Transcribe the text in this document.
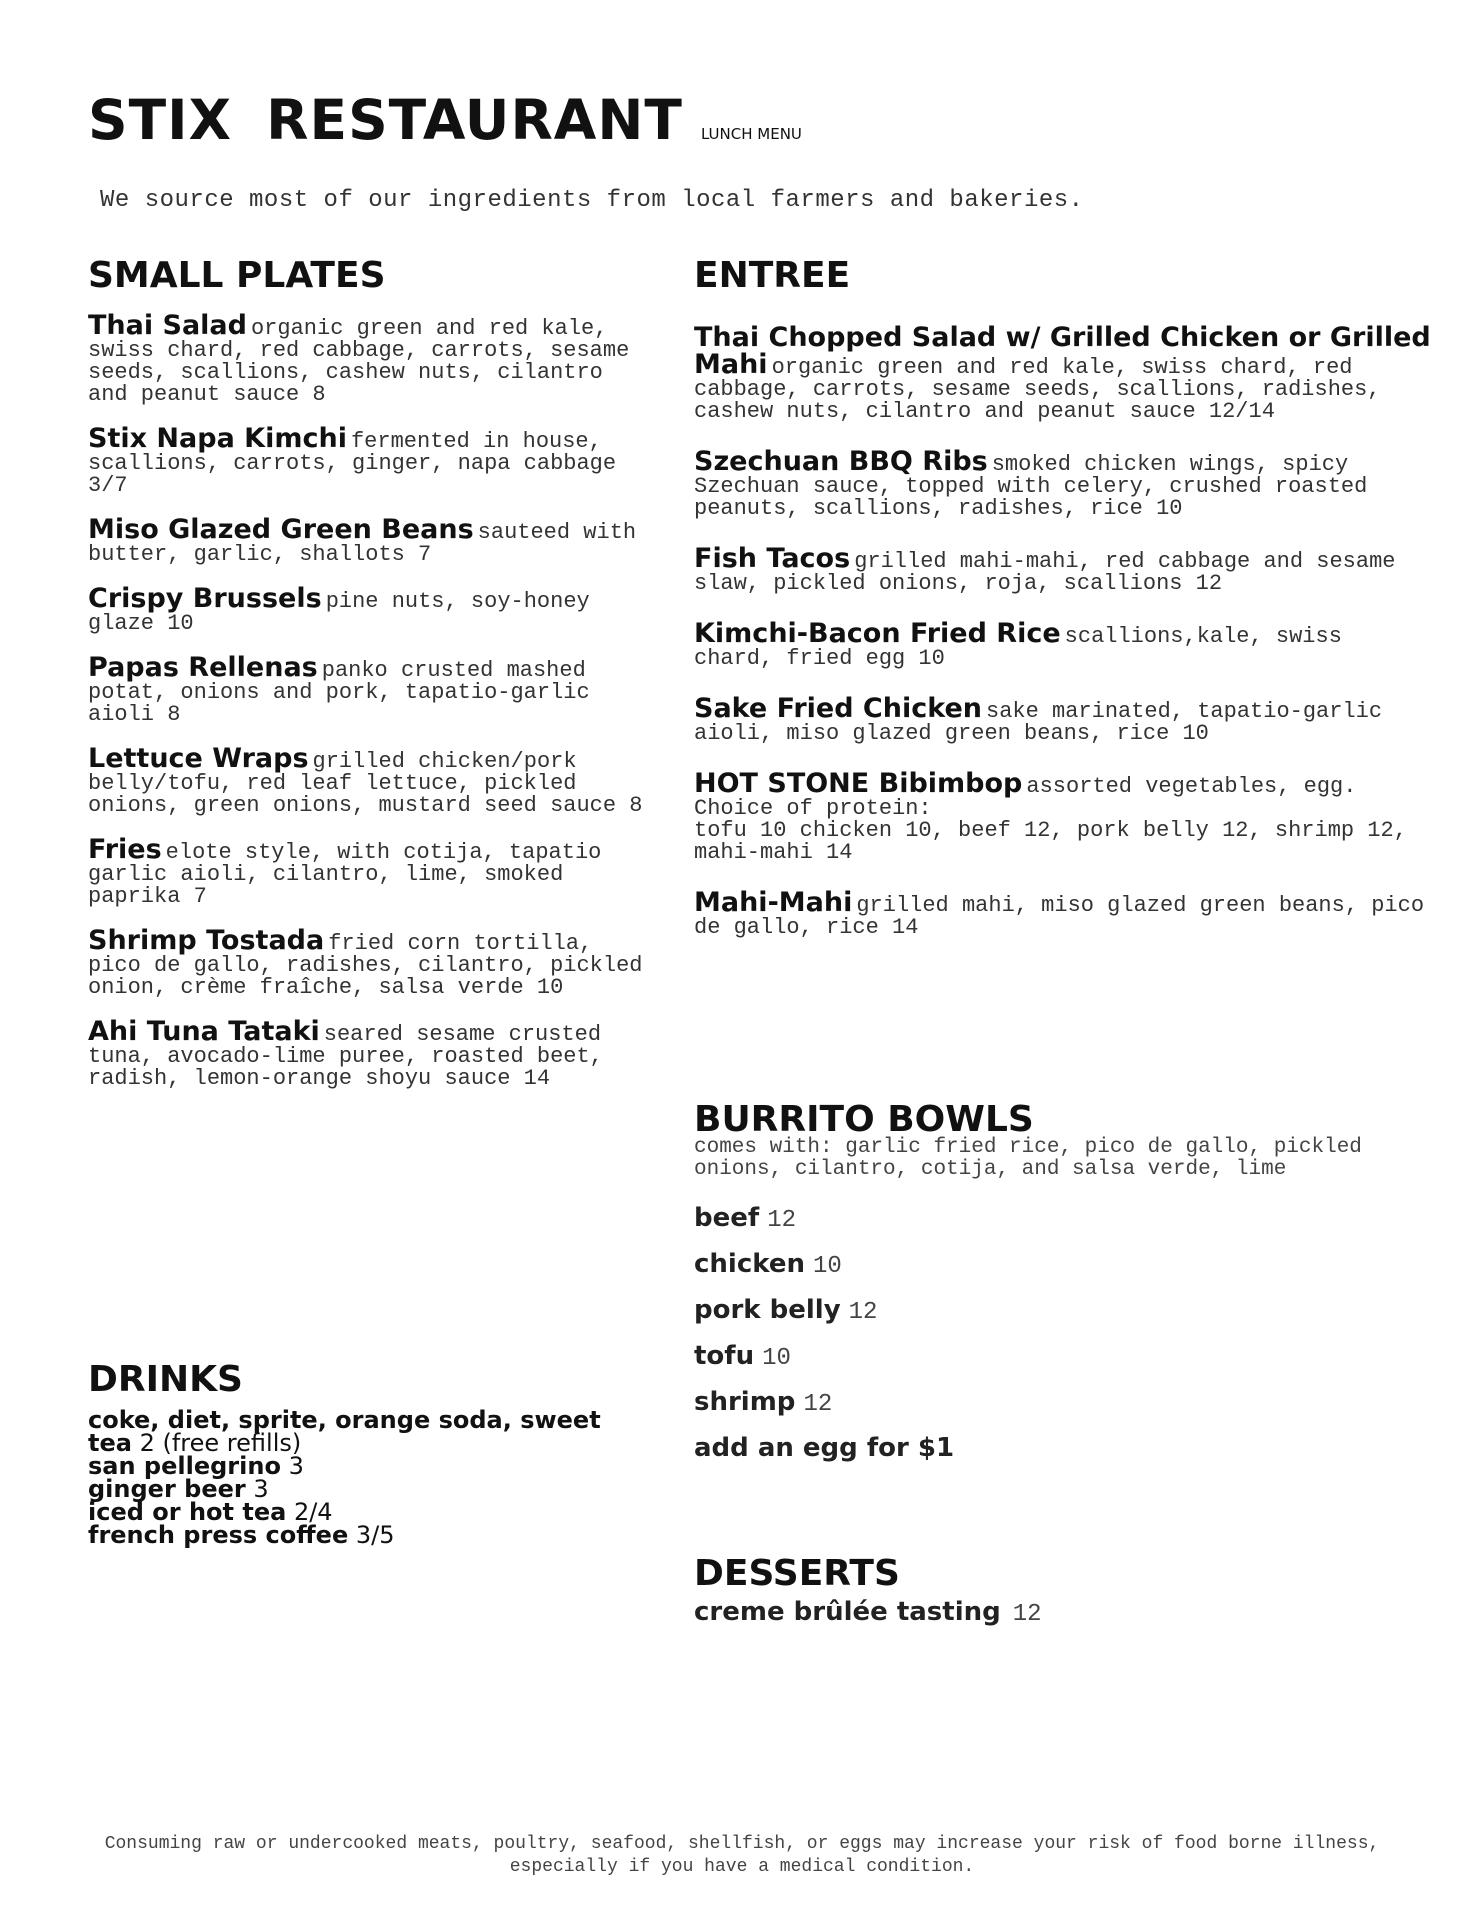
STIX RESTAURANT LUNCH MENU
We source most of our ingredients from local farmers and bakeries.
SMALL PLATES
Thai Salad organic green and red kale, swiss chard, red cabbage, carrots, sesame seeds, scallions, cashew nuts, cilantro and peanut sauce 8
Stix Napa Kimchi fermented in house, scallions, carrots, ginger, napa cabbage 3/7
Miso Glazed Green Beans sauteed with butter, garlic, shallots 7
Crispy Brussels pine nuts, soy-honey glaze 10
Papas Rellenas panko crusted mashed potat, onions and pork, tapatio-garlic aioli 8
Lettuce Wraps grilled chicken/pork belly/tofu, red leaf lettuce, pickled onions, green onions, mustard seed sauce 8
Fries elote style, with cotija, tapatio garlic aioli, cilantro, lime, smoked paprika 7
Shrimp Tostada fried corn tortilla, pico de gallo, radishes, cilantro, pickled onion, crème fraîche, salsa verde 10
Ahi Tuna Tataki seared sesame crusted tuna, avocado-lime puree, roasted beet, radish, lemon-orange shoyu sauce 14
ENTREE
Thai Chopped Salad w/ Grilled Chicken or Grilled Mahi organic green and red kale, swiss chard, red cabbage, carrots, sesame seeds, scallions, radishes, cashew nuts, cilantro and peanut sauce 12/14
Szechuan BBQ Ribs smoked chicken wings, spicy Szechuan sauce, topped with celery, crushed roasted peanuts, scallions, radishes, rice 10
Fish Tacos grilled mahi-mahi, red cabbage and sesame slaw, pickled onions, roja, scallions 12
Kimchi-Bacon Fried Rice scallions,kale, swiss chard, fried egg 10
Sake Fried Chicken sake marinated, tapatio-garlic aioli, miso glazed green beans, rice 10
HOT STONE Bibimbop assorted vegetables, egg.
Choice of protein:
tofu 10 chicken 10, beef 12, pork belly 12, shrimp 12, mahi-mahi 14
Mahi-Mahi grilled mahi, miso glazed green beans, pico de gallo, rice 14
DRINKS
coke, diet, sprite, orange soda, sweet tea 2 (free refills)
san pellegrino 3
ginger beer 3
iced or hot tea 2/4
french press coffee 3/5
BURRITO BOWLS
comes with: garlic fried rice, pico de gallo, pickled onions, cilantro, cotija, and salsa verde, lime
beef 12
chicken 10
pork belly 12
tofu 10
shrimp 12
add an egg for $1
DESSERTS
creme brûlée tasting 12
Consuming raw or undercooked meats, poultry, seafood, shellfish, or eggs may increase your risk of food borne illness, especially if you have a medical condition.
